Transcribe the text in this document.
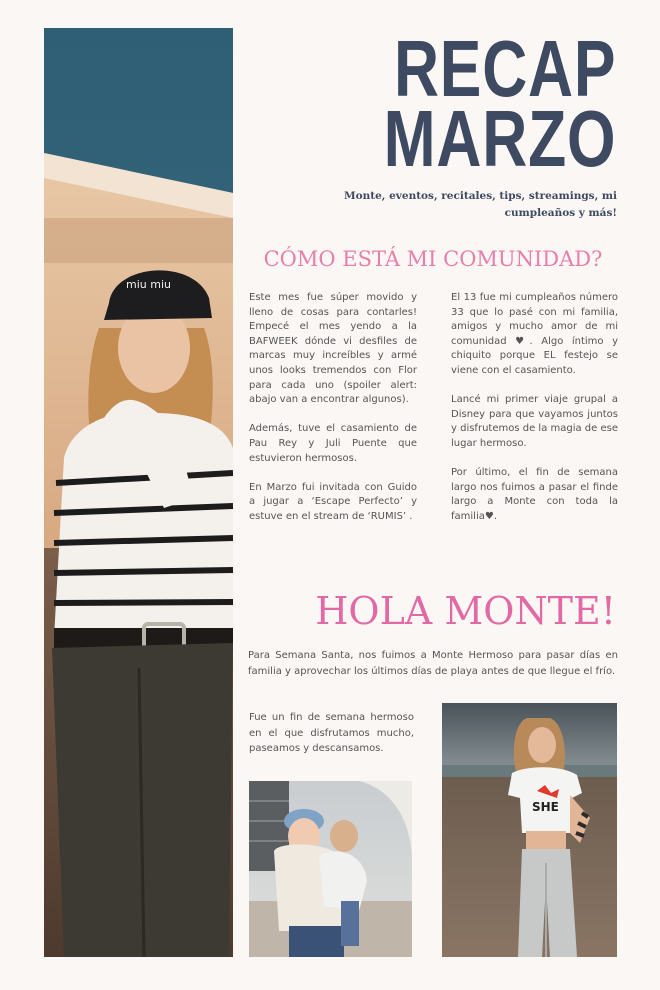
miu miu
RECAP
MARZO
Monte, eventos, recitales, tips, streamings, mi cumpleaños y más!
CÓMO ESTÁ MI COMUNIDAD?

Este mes fue súper movido y lleno de cosas para contarles! Empecé el mes yendo a la BAFWEEK dónde vi desfiles de marcas muy increíbles y armé unos looks tremendos con Flor para cada uno (spoiler alert: abajo van a encontrar algunos).

Además, tuve el casamiento de Pau Rey y Juli Puente que estuvieron hermosos.

En Marzo fui invitada con Guido a jugar a ‘Escape Perfecto’ y estuve en el stream de ‘RUMIS’ .

El 13 fue mi cumpleaños número 33 que lo pasé con mi familia, amigos y mucho amor de mi comunidad ♥. Algo íntimo y chiquito porque EL festejo se viene con el casamiento.

Lancé mi primer viaje grupal a Disney para que vayamos juntos y disfrutemos de la magia de ese lugar hermoso.

Por último, el fin de semana largo nos fuimos a pasar el finde largo a Monte con toda la familia♥.

HOLA MONTE!
Para Semana Santa, nos fuimos a Monte Hermoso para pasar días en familia y aprovechar los últimos días de playa antes de que llegue el frío.
Fue un fin de semana hermoso en el que disfrutamos mucho, paseamos y descansamos.
SHE
